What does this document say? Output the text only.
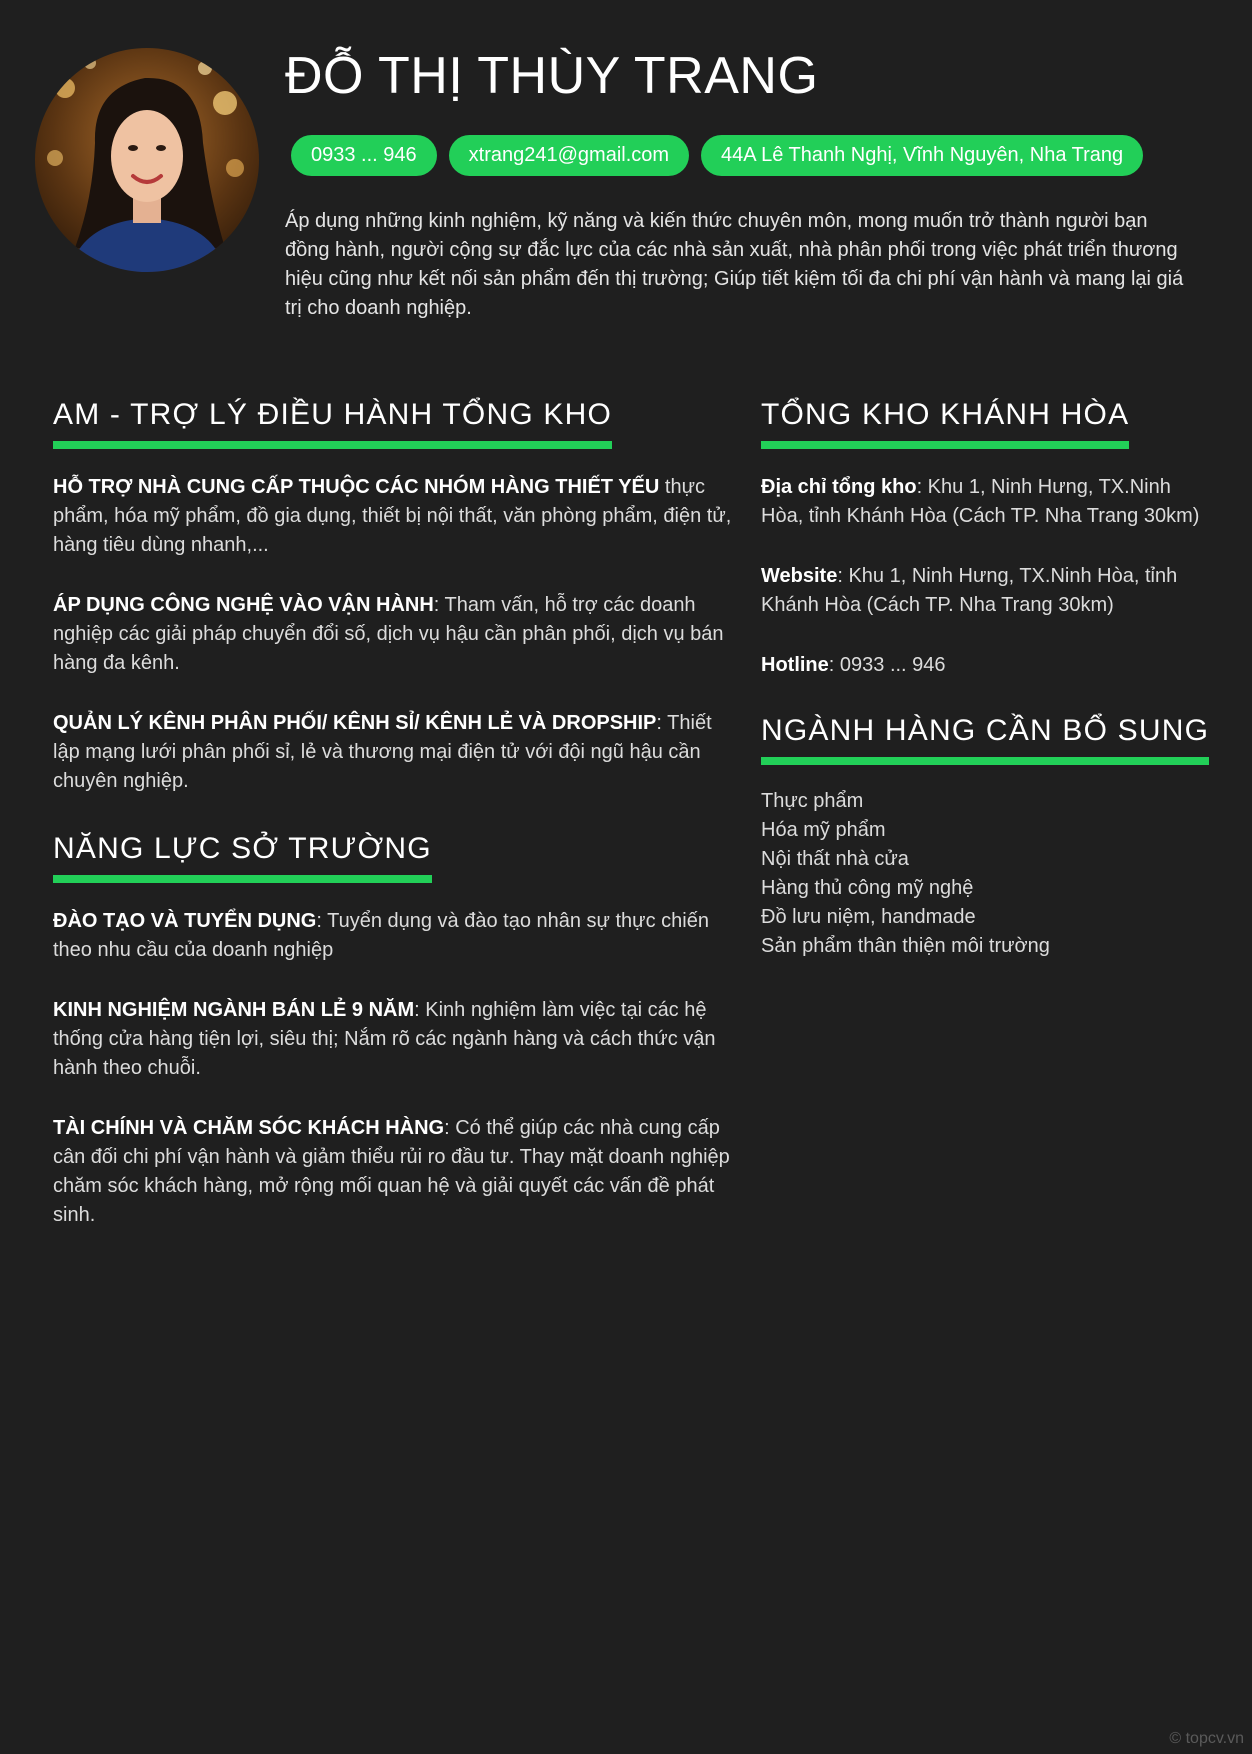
ĐỖ THỊ THÙY TRANG
0933 ... 946	xtrang241@gmail.com	44A Lê Thanh Nghị, Vĩnh Nguyên, Nha Trang

Áp dụng những kinh nghiệm, kỹ năng và kiến thức chuyên môn, mong muốn trở thành người bạn đồng hành, người cộng sự đắc lực của các nhà sản xuất, nhà phân phối trong việc phát triển thương hiệu cũng như kết nối sản phẩm đến thị trường; Giúp tiết kiệm tối đa chi phí vận hành và mang lại giá trị cho doanh nghiệp.

AM - TRỢ LÝ ĐIỀU HÀNH TỔNG KHO

HỖ TRỢ NHÀ CUNG CẤP THUỘC CÁC NHÓM HÀNG THIẾT YẾU thực phẩm, hóa mỹ phẩm, đồ gia dụng, thiết bị nội thất, văn phòng phẩm, điện tử, hàng tiêu dùng nhanh,...

ÁP DỤNG CÔNG NGHỆ VÀO VẬN HÀNH: Tham vấn, hỗ trợ các doanh nghiệp các giải pháp chuyển đổi số, dịch vụ hậu cần phân phối, dịch vụ bán hàng đa kênh.

QUẢN LÝ KÊNH PHÂN PHỐI/ KÊNH SỈ/ KÊNH LẺ VÀ DROPSHIP: Thiết lập mạng lưới phân phối sỉ, lẻ và thương mại điện tử với đội ngũ hậu cần chuyên nghiệp.

NĂNG LỰC SỞ TRƯỜNG

ĐÀO TẠO VÀ TUYỂN DỤNG: Tuyển dụng và đào tạo nhân sự thực chiến theo nhu cầu của doanh nghiệp

KINH NGHIỆM NGÀNH BÁN LẺ 9 NĂM: Kinh nghiệm làm việc tại các hệ thống cửa hàng tiện lợi, siêu thị; Nắm rõ các ngành hàng và cách thức vận hành theo chuỗi.

TÀI CHÍNH VÀ CHĂM SÓC KHÁCH HÀNG: Có thể giúp các nhà cung cấp cân đối chi phí vận hành và giảm thiểu rủi ro đầu tư. Thay mặt doanh nghiệp chăm sóc khách hàng, mở rộng mối quan hệ và giải quyết các vấn đề phát sinh.

TỔNG KHO KHÁNH HÒA

Địa chỉ tổng kho: Khu 1, Ninh Hưng, TX.Ninh Hòa, tỉnh Khánh Hòa (Cách TP. Nha Trang 30km)

Website: Khu 1, Ninh Hưng, TX.Ninh Hòa, tỉnh Khánh Hòa (Cách TP. Nha Trang 30km)

Hotline: 0933 ... 946

NGÀNH HÀNG CẦN BỔ SUNG
Thực phẩm
Hóa mỹ phẩm
Nội thất nhà cửa
Hàng thủ công mỹ nghệ
Đồ lưu niệm, handmade
Sản phẩm thân thiện môi trường
© topcv.vn
